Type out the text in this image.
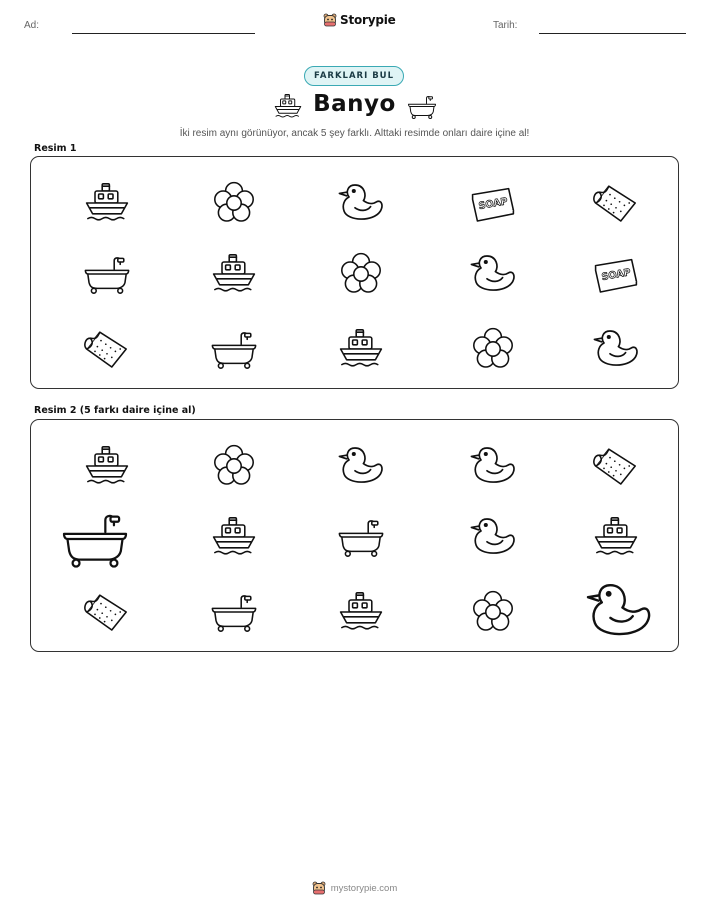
Ad:	Storypie	Tarih:
FARKLARI BUL
Banyo
İki resim aynı görünüyor, ancak 5 şey farklı. Alttaki resimde onları daire içine al!
Resim 1
Resim 2 (5 farkı daire içine al)
mystorypie.com
